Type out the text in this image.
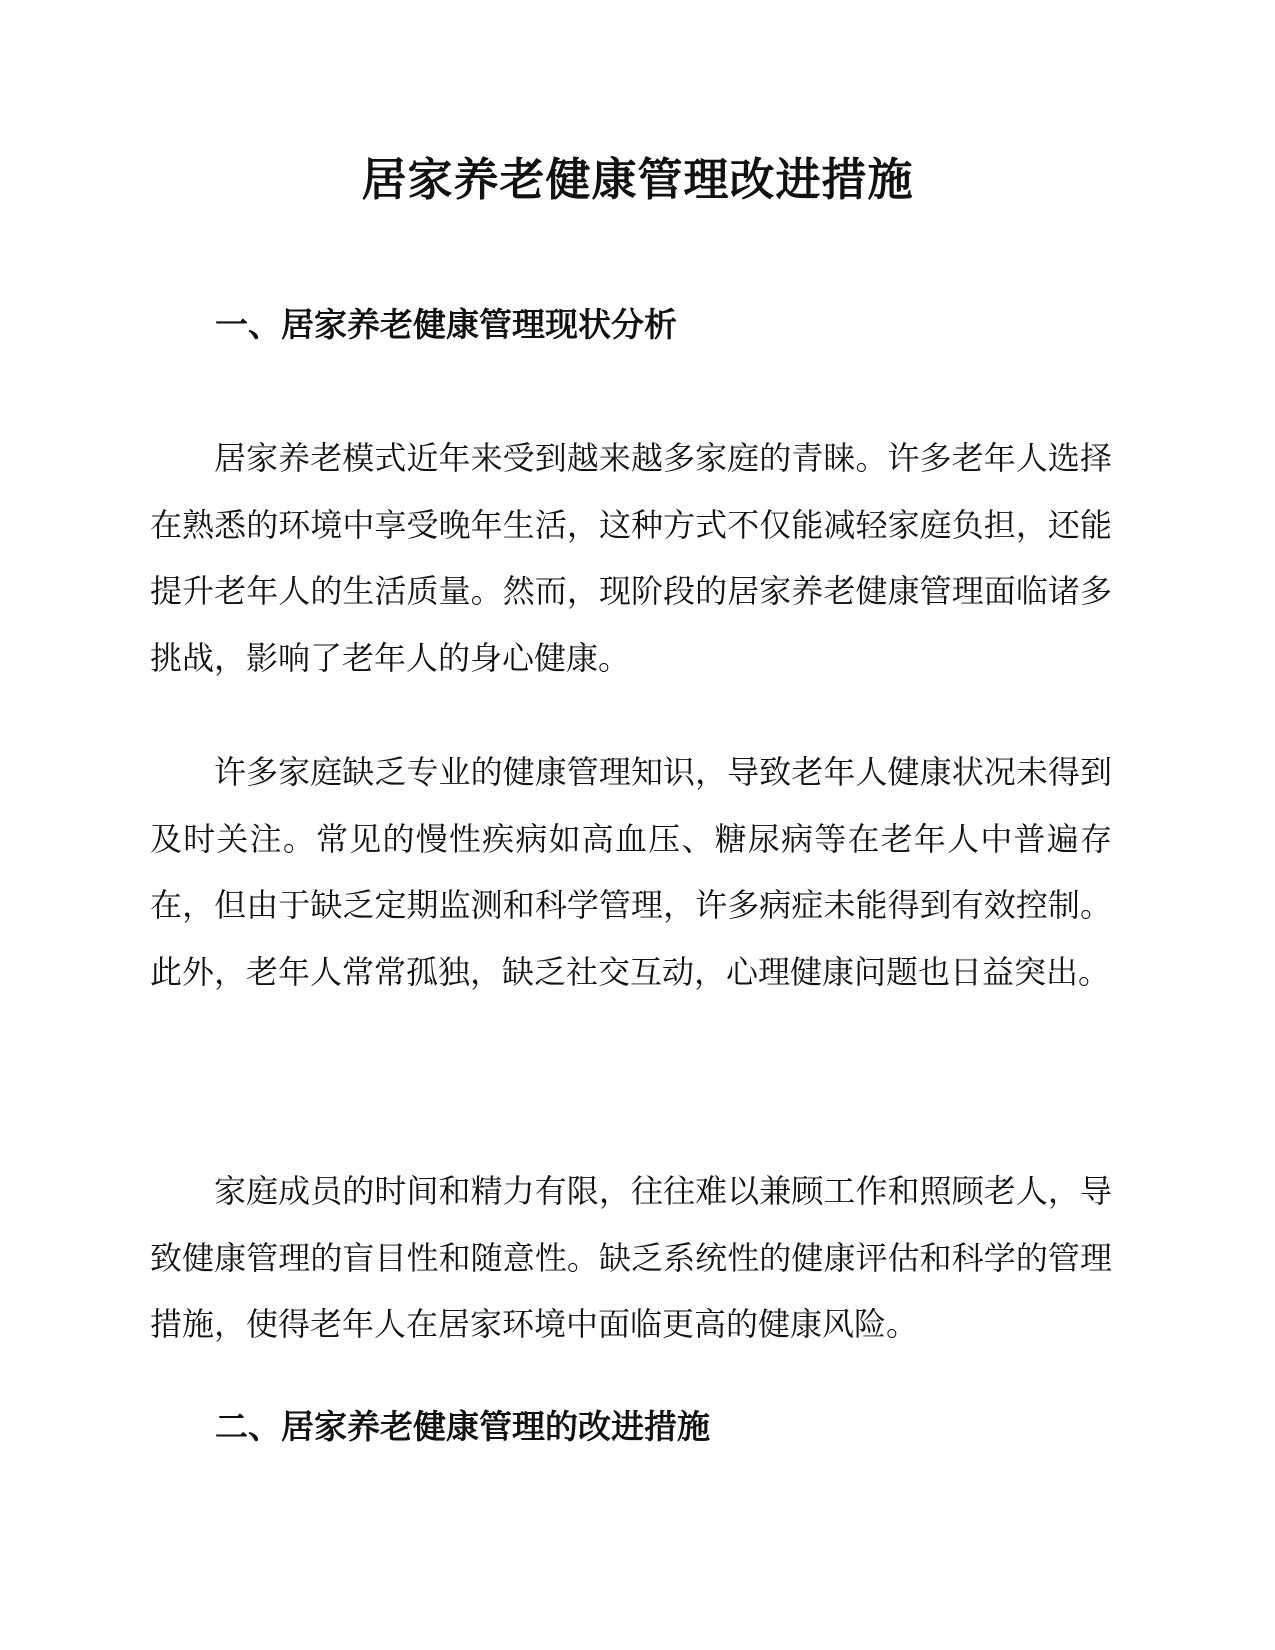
居家养老健康管理改进措施
一、居家养老健康管理现状分析

居家养老模式近年来受到越来越多家庭的青睐。许多老年人选择在熟悉的环境中享受晚年生活，这种方式不仅能减轻家庭负担，还能提升老年人的生活质量。然而，现阶段的居家养老健康管理面临诸多挑战，影响了老年人的身心健康。

许多家庭缺乏专业的健康管理知识，导致老年人健康状况未得到及时关注。常见的慢性疾病如高血压、糖尿病等在老年人中普遍存在，但由于缺乏定期监测和科学管理，许多病症未能得到有效控制。此外，老年人常常孤独，缺乏社交互动，心理健康问题也日益突出。

家庭成员的时间和精力有限，往往难以兼顾工作和照顾老人，导致健康管理的盲目性和随意性。缺乏系统性的健康评估和科学的管理措施，使得老年人在居家环境中面临更高的健康风险。

二、居家养老健康管理的改进措施
